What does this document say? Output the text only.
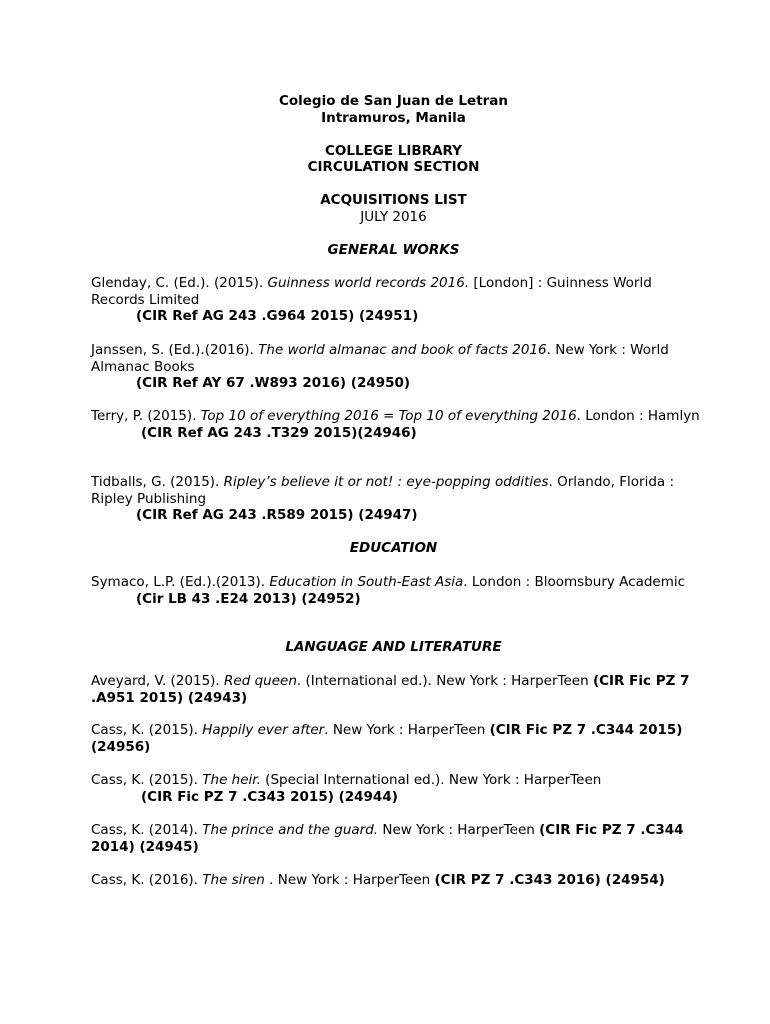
Colegio de San Juan de Letran
Intramuros, Manila
COLLEGE LIBRARY
CIRCULATION SECTION
ACQUISITIONS LIST
JULY 2016
GENERAL WORKS
Glenday, C. (Ed.). (2015). Guinness world records 2016. [London] : Guinness World Records Limited
(CIR Ref AG 243 .G964 2015) (24951)
Janssen, S. (Ed.).(2016). The world almanac and book of facts 2016. New York : World Almanac Books
(CIR Ref AY 67 .W893 2016) (24950)
Terry, P. (2015). Top 10 of everything 2016 = Top 10 of everything 2016. London : Hamlyn
(CIR Ref AG 243 .T329 2015)(24946)
Tidballs, G. (2015). Ripley’s believe it or not! : eye-popping oddities. Orlando, Florida : Ripley Publishing
(CIR Ref AG 243 .R589 2015) (24947)
EDUCATION
Symaco, L.P. (Ed.).(2013). Education in South-East Asia. London : Bloomsbury Academic
(Cir LB 43 .E24 2013) (24952)
LANGUAGE AND LITERATURE
Aveyard, V. (2015). Red queen. (International ed.). New York : HarperTeen (CIR Fic PZ 7 .A951 2015) (24943)
Cass, K. (2015). Happily ever after. New York : HarperTeen (CIR Fic PZ 7 .C344 2015) (24956)
Cass, K. (2015). The heir. (Special International ed.). New York : HarperTeen
(CIR Fic PZ 7 .C343 2015) (24944)
Cass, K. (2014). The prince and the guard. New York : HarperTeen (CIR Fic PZ 7 .C344 2014) (24945)
Cass, K. (2016). The siren . New York : HarperTeen (CIR PZ 7 .C343 2016) (24954)
